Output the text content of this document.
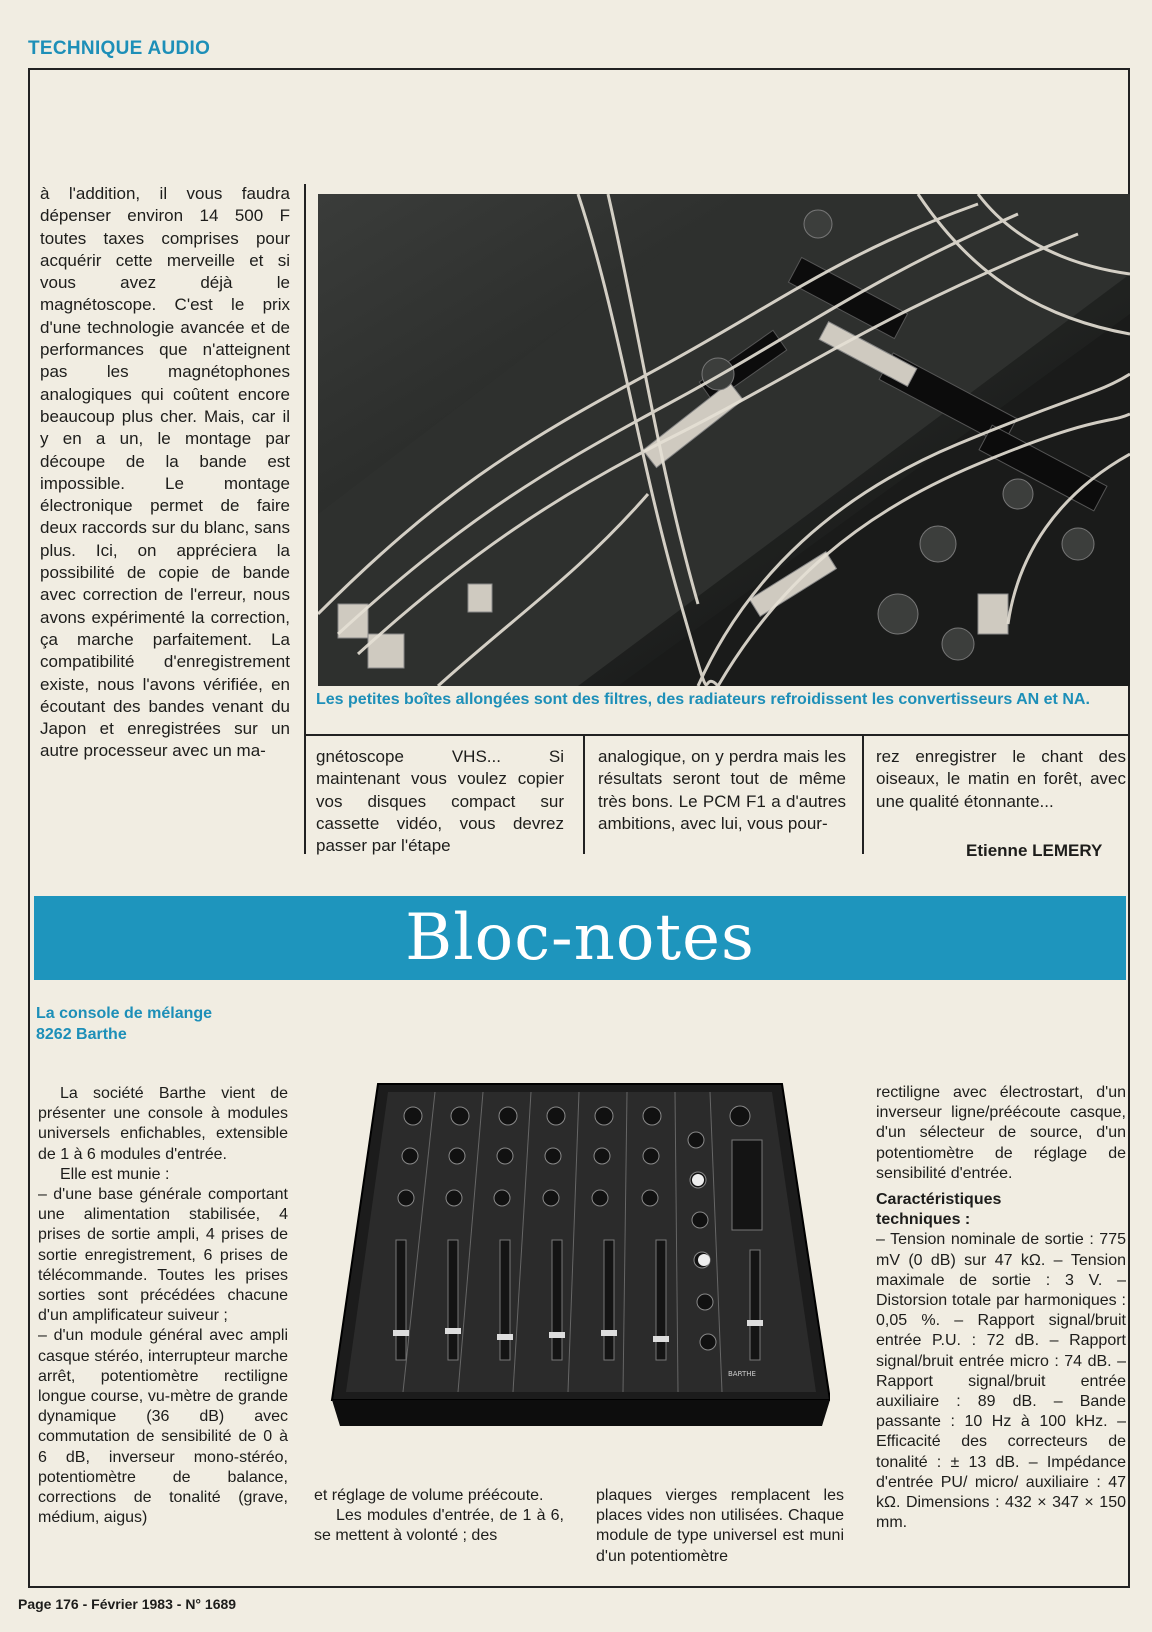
TECHNIQUE AUDIO

à l'addition, il vous faudra dépenser environ 14 500 F toutes taxes comprises pour acquérir cette merveille et si vous avez déjà le magnétoscope. C'est le prix d'une technologie avancée et de performances que n'atteignent pas les magnétophones analogiques qui coûtent encore beaucoup plus cher. Mais, car il y en a un, le montage par découpe de la bande est impossible. Le montage électronique permet de faire deux raccords sur du blanc, sans plus. Ici, on appréciera la possibilité de copie de bande avec correction de l'erreur, nous avons expérimenté la correction, ça marche parfaitement. La compatibilité d'enregistrement existe, nous l'avons vérifiée, en écoutant des bandes venant du Japon et enregistrées sur un autre processeur avec un ma-

Les petites boîtes allongées sont des filtres, des radiateurs refroidissent les convertisseurs AN et NA.

gnétoscope VHS... Si maintenant vous voulez copier vos disques compact sur cassette vidéo, vous devrez passer par l'étape

analogique, on y perdra mais les résultats seront tout de même très bons. Le PCM F1 a d'autres ambitions, avec lui, vous pour-

rez enregistrer le chant des oiseaux, le matin en forêt, avec une qualité étonnante...

Etienne LEMERY
Bloc-notes
La console de mélange
8262 Barthe

La société Barthe vient de présenter une console à modules universels enfichables, extensible de 1 à 6 modules d'entrée.

Elle est munie :

– d'une base générale comportant une alimentation stabilisée, 4 prises de sortie ampli, 4 prises de sortie enregistrement, 6 prises de télécommande. Toutes les prises sorties sont précédées chacune d'un amplificateur suiveur ;

– d'un module général avec ampli casque stéréo, interrupteur marche arrêt, potentiomètre rectiligne longue course, vu-mètre de grande dynamique (36 dB) avec commutation de sensibilité de 0 à 6 dB, inverseur mono-stéréo, potentiomètre de balance, corrections de tonalité (grave, médium, aigus)

BARTHE

et réglage de volume préécoute.

Les modules d'entrée, de 1 à 6, se mettent à volonté ; des

plaques vierges remplacent les places vides non utilisées. Chaque module de type universel est muni d'un potentiomètre

rectiligne avec électrostart, d'un inverseur ligne/préécoute casque, d'un sélecteur de source, d'un potentiomètre de réglage de sensibilité d'entrée.

Caractéristiques

techniques :

– Tension nominale de sortie : 775 mV (0 dB) sur 47 kΩ. – Tension maximale de sortie : 3 V. – Distorsion totale par harmoniques : 0,05 %. – Rapport signal/bruit entrée P.U. : 72 dB. – Rapport signal/bruit entrée micro : 74 dB. – Rapport signal/bruit entrée auxiliaire : 89 dB. – Bande passante : 10 Hz à 100 kHz. – Efficacité des correcteurs de tonalité : ± 13 dB. – Impédance d'entrée PU/ micro/ auxiliaire : 47 kΩ. Dimensions : 432 × 347 × 150 mm.

Page 176 - Février 1983 - N° 1689
